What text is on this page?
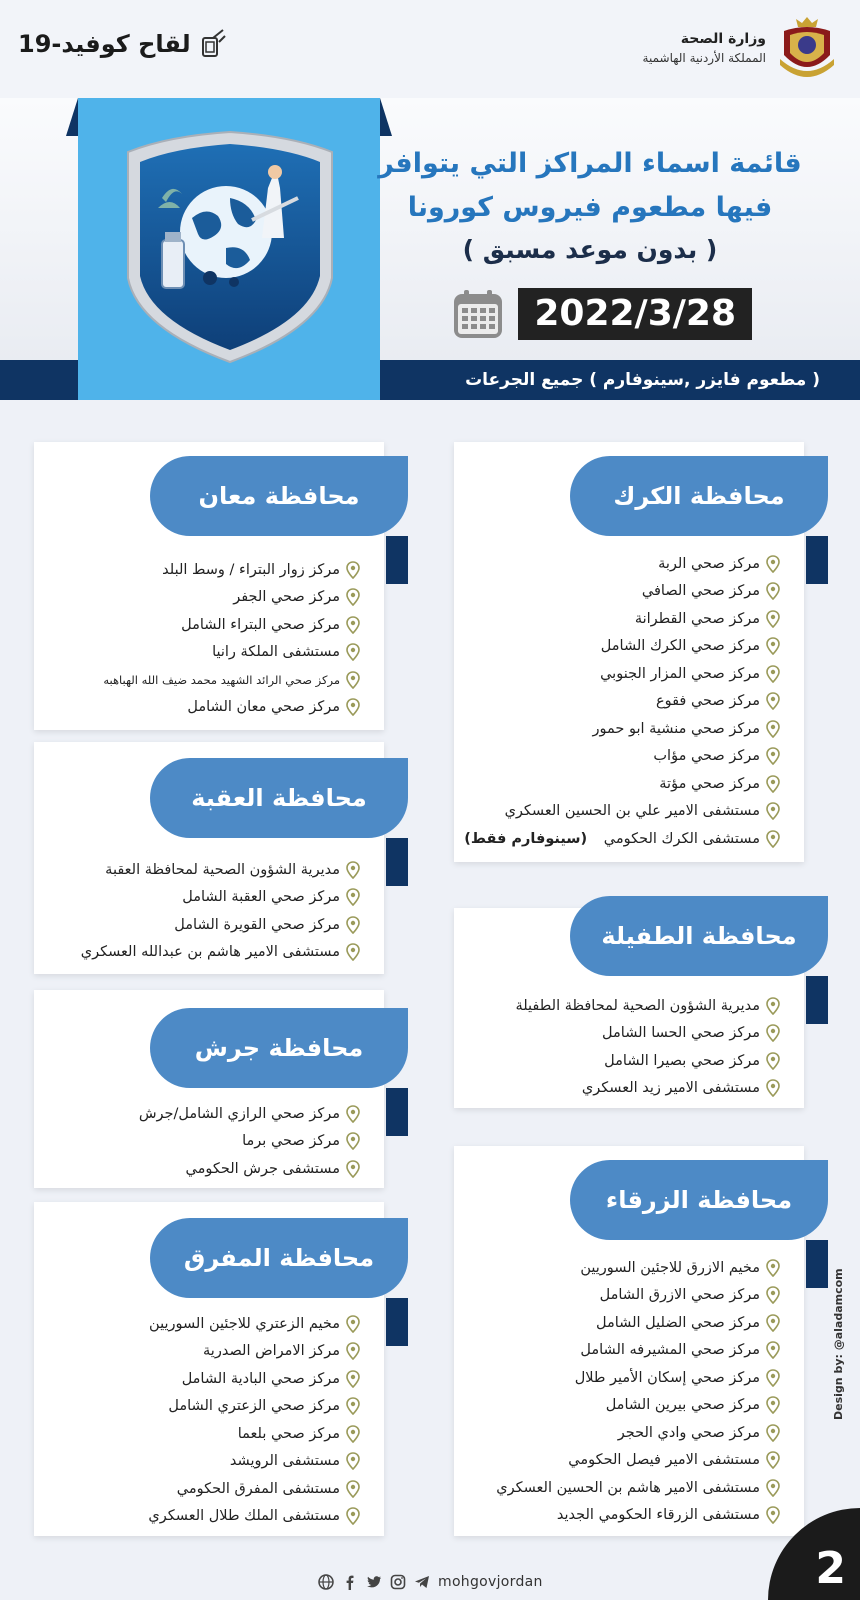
وزارة الصحة
المملكة الأردنية الهاشمية
لقاح كوفيد-19
قائمة اسماء المراكز التي يتوافر
فيها مطعوم فيروس كورونا
( بدون موعد مسبق )
2022/3/28
( مطعوم فايزر ,سينوفارم ) جميع الجرعات
محافظة الكرك
مركز صحي الربة
مركز صحي الصافي
مركز صحي القطرانة
مركز صحي الكرك الشامل
مركز صحي المزار الجنوبي
مركز صحي فقوع
مركز صحي منشية ابو حمور
مركز صحي مؤاب
مركز صحي مؤتة
مستشفى الامير علي بن الحسين العسكري
مستشفى الكرك الحكومي

(سينوفارم فقط)
محافظة الطفيلة
مديرية الشؤون الصحية لمحافظة الطفيلة
مركز صحي الحسا الشامل
مركز صحي بصيرا الشامل
مستشفى الامير زيد العسكري
محافظة الزرقاء
مخيم الازرق للاجئين السوريين
مركز صحي الازرق الشامل
مركز صحي الضليل الشامل
مركز صحي المشيرفه الشامل
مركز صحي إسكان الأمير طلال
مركز صحي بيرين الشامل
مركز صحي وادي الحجر
مستشفى الامير فيصل الحكومي
مستشفى الامير هاشم بن الحسين العسكري
مستشفى الزرقاء الحكومي الجديد
محافظة معان
مركز زوار البتراء / وسط البلد
مركز صحي الجفر
مركز صحي البتراء الشامل
مستشفى الملكة رانيا
مركز صحي الرائد الشهيد محمد ضيف الله الهباهبه
مركز صحي معان الشامل
محافظة العقبة
مديرية الشؤون الصحية لمحافظة العقبة
مركز صحي العقبة الشامل
مركز صحي القويرة الشامل
مستشفى الامير هاشم بن عبدالله العسكري
محافظة جرش
مركز صحي الرازي الشامل/جرش
مركز صحي برما
مستشفى جرش الحكومي
محافظة المفرق
مخيم الزعتري للاجئين السوريين
مركز الامراض الصدرية
مركز صحي البادية الشامل
مركز صحي الزعتري الشامل
مركز صحي بلعما
مستشفى الرويشد
مستشفى المفرق الحكومي
مستشفى الملك طلال العسكري
Design by: @aladamcom
mohgovjordan	2
